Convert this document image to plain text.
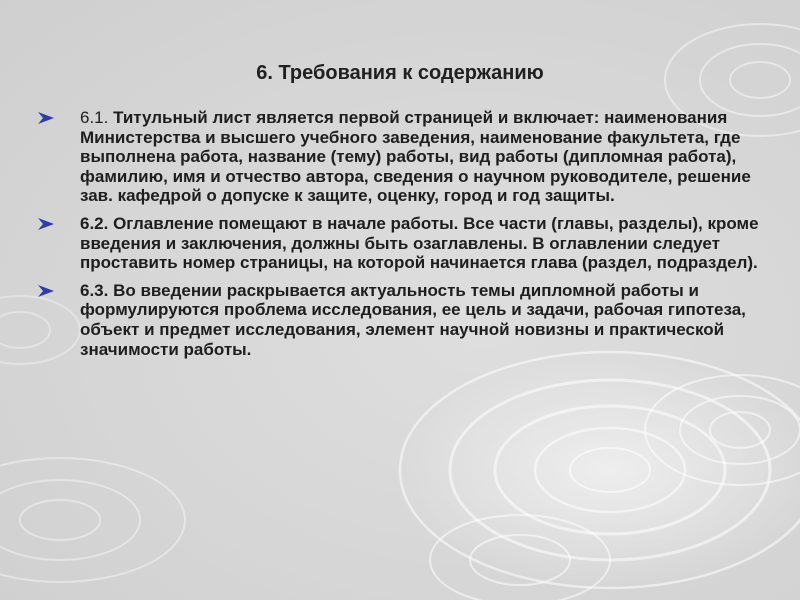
6. Требования к содержанию
6.1. Титульный лист является первой страницей и включает: наименования Министерства и высшего учебного заведения, наименование факультета, где выполнена работа, название (тему) работы, вид работы (дипломная работа), фамилию, имя и отчество автора, сведения о научном руководителе, решение зав. кафедрой о допуске к защите, оценку, город и год защиты.
6.2. Оглавление помещают в начале работы. Все части (главы, разделы), кроме введения и заключения, должны быть озаглавлены. В оглавлении следует проставить номер страницы, на которой начинается глава (раздел, подраздел).
6.3. Во введении раскрывается актуальность темы дипломной работы и формулируются проблема исследования, ее цель и задачи, рабочая гипотеза, объект и предмет исследования, элемент научной новизны и практической значимости работы.
